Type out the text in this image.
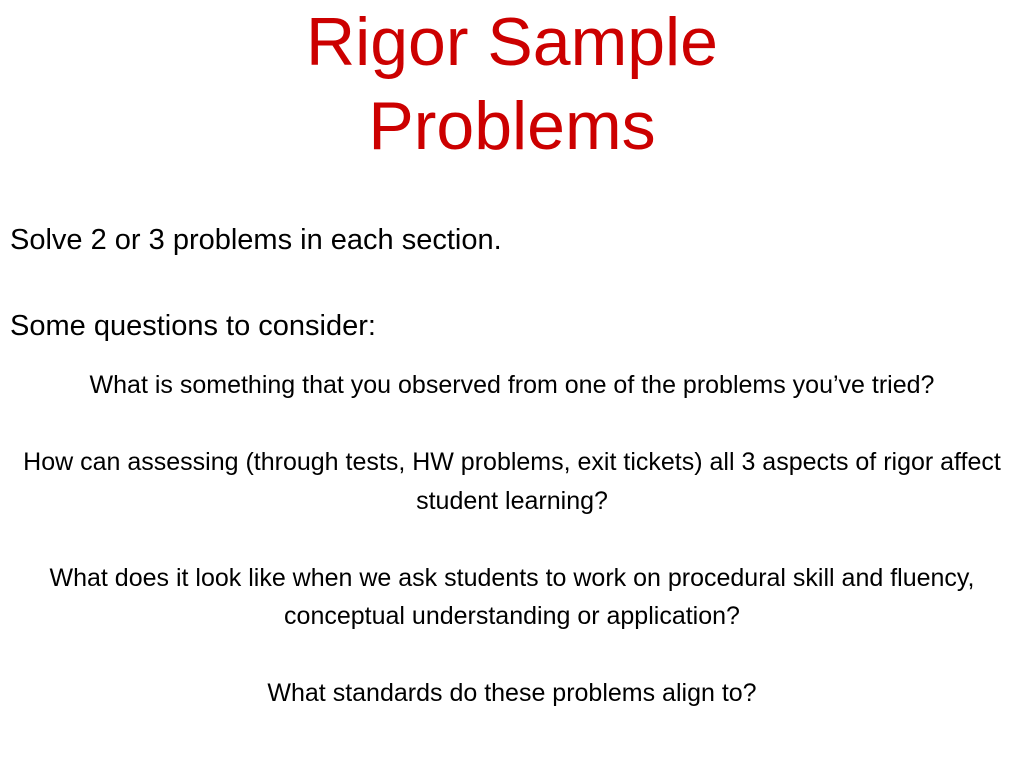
Rigor Sample
Problems
Solve 2 or 3 problems in each section.
Some questions to consider:

What is something that you observed from one of the problems you’ve tried?

How can assessing (through tests, HW problems, exit tickets) all 3 aspects of rigor affect student learning?

What does it look like when we ask students to work on procedural skill and fluency, conceptual understanding or application?

What standards do these problems align to?
